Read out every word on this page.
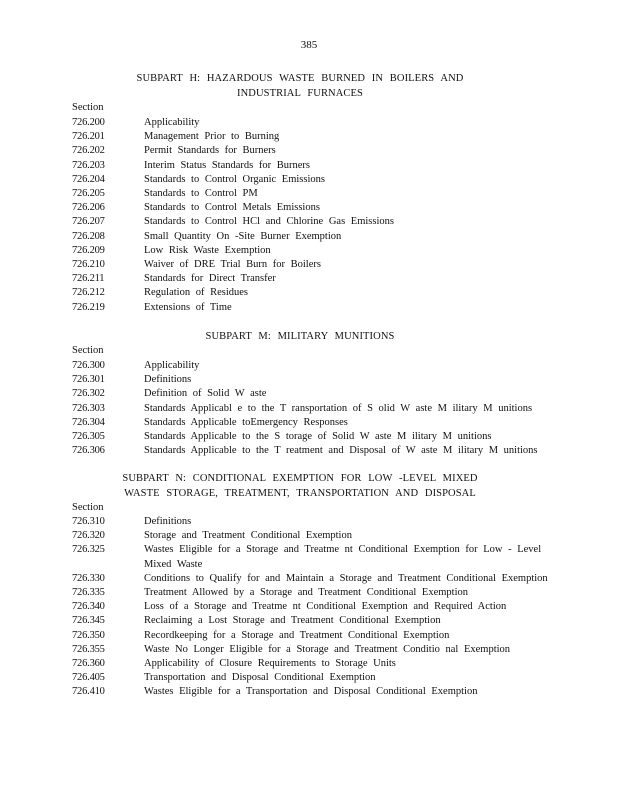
385
SUBPART H: HAZARDOUS WASTE BURNED IN BOILERS AND
INDUSTRIAL FURNACES
Section
726.200	Applicability
726.201	Management Prior to Burning
726.202	Permit Standards for Burners
726.203	Interim Status Standards for Burners
726.204	Standards to Control Organic Emissions
726.205	Standards to Control PM
726.206	Standards to Control Metals Emissions
726.207	Standards to Control HCl and Chlorine Gas Emissions
726.208	Small Quantity On -Site Burner Exemption
726.209	Low Risk Waste Exemption
726.210	Waiver of DRE Trial Burn for Boilers
726.211	Standards for Direct Transfer
726.212	Regulation of Residues
726.219	Extensions of Time
SUBPART M: MILITARY MUNITIONS
Section
726.300	Applicability
726.301	Definitions
726.302	Definition of Solid W aste
726.303	Standards Applicabl e to the T ransportation of S olid W aste M ilitary M unitions
726.304	Standards Applicable toEmergency Responses
726.305	Standards Applicable to the S torage of Solid W aste M ilitary M unitions
726.306	Standards Applicable to the T reatment and Disposal of W aste M ilitary M unitions
SUBPART N: CONDITIONAL EXEMPTION FOR LOW -LEVEL MIXED
WASTE STORAGE, TREATMENT, TRANSPORTATION AND DISPOSAL
Section
726.310	Definitions
726.320	Storage and Treatment Conditional Exemption
726.325	Wastes Eligible for a Storage and Treatme nt Conditional Exemption for Low - Level Mixed Waste
726.330	Conditions to Qualify for and Maintain a Storage and Treatment Conditional Exemption
726.335	Treatment Allowed by a Storage and Treatment Conditional Exemption
726.340	Loss of a Storage and Treatme nt Conditional Exemption and Required Action
726.345	Reclaiming a Lost Storage and Treatment Conditional Exemption
726.350	Recordkeeping for a Storage and Treatment Conditional Exemption
726.355	Waste No Longer Eligible for a Storage and Treatment Conditio nal Exemption
726.360	Applicability of Closure Requirements to Storage Units
726.405	Transportation and Disposal Conditional Exemption
726.410	Wastes Eligible for a Transportation and Disposal Conditional Exemption
